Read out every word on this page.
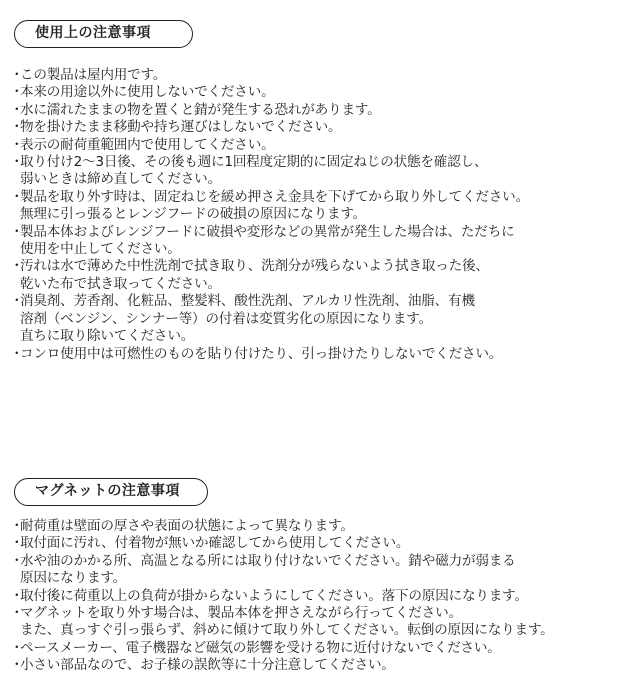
使用上の注意事項
・
この製品は屋内用です。
・
本来の用途以外に使用しないでください。
・
水に濡れたままの物を置くと錆が発生する恐れがあります。
・
物を掛けたまま移動や持ち運びはしないでください。
・
表示の耐荷重範囲内で使用してください。
・
取り付け2～3日後、その後も週に1回程度定期的に固定ねじの状態を確認し、
弱いときは締め直してください。
・
製品を取り外す時は、固定ねじを緩め押さえ金具を下げてから取り外してください。
無理に引っ張るとレンジフードの破損の原因になります。
・
製品本体およびレンジフードに破損や変形などの異常が発生した場合は、ただちに
使用を中止してください。
・
汚れは水で薄めた中性洗剤で拭き取り、洗剤分が残らないよう拭き取った後、
乾いた布で拭き取ってください。
・
消臭剤、芳香剤、化粧品、整髪料、酸性洗剤、アルカリ性洗剤、油脂、有機
溶剤（ベンジン、シンナー等）の付着は変質劣化の原因になります。
直ちに取り除いてください。
・
コンロ使用中は可燃性のものを貼り付けたり、引っ掛けたりしないでください。
マグネットの注意事項
・
耐荷重は壁面の厚さや表面の状態によって異なります。
・
取付面に汚れ、付着物が無いか確認してから使用してください。
・
水や油のかかる所、高温となる所には取り付けないでください。錆や磁力が弱まる
原因になります。
・
取付後に荷重以上の負荷が掛からないようにしてください。落下の原因になります。
・
マグネットを取り外す場合は、製品本体を押さえながら行ってください。
また、真っすぐ引っ張らず、斜めに傾けて取り外してください。転倒の原因になります。
・
ペースメーカー、電子機器など磁気の影響を受ける物に近付けないでください。
・
小さい部品なので、お子様の誤飲等に十分注意してください。
